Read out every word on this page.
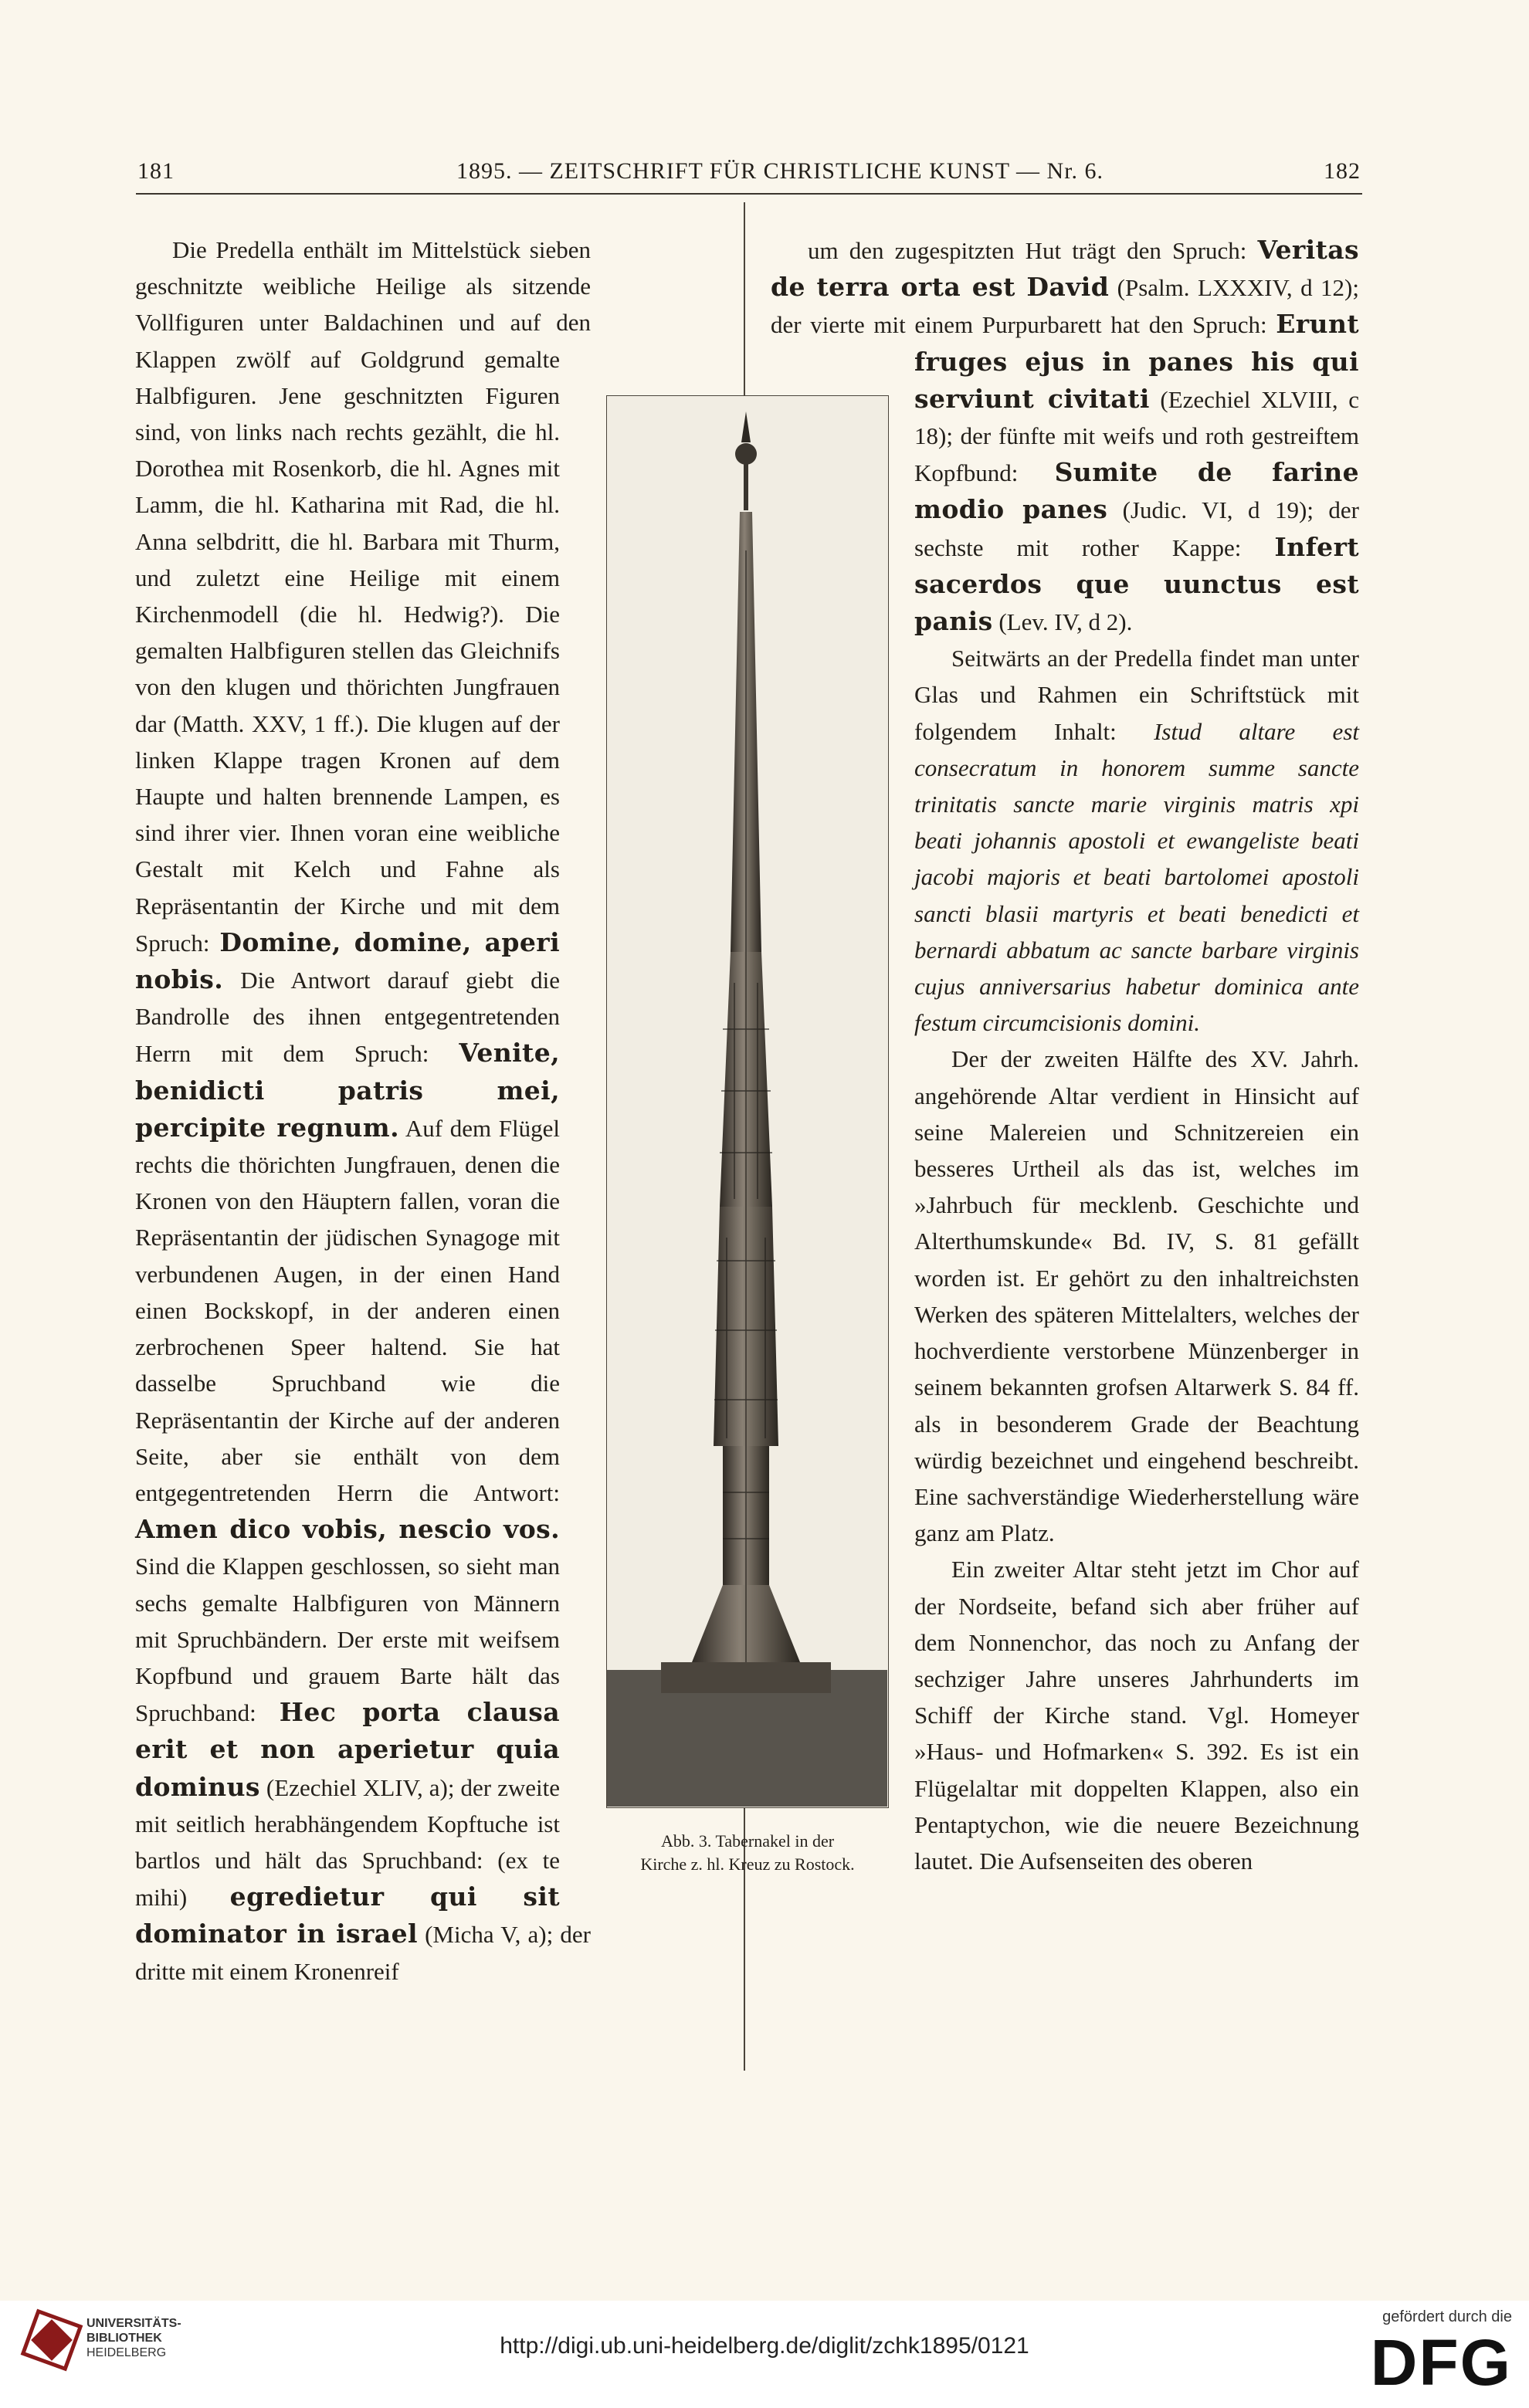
181	1895. — ZEITSCHRIFT FÜR CHRISTLICHE KUNST — Nr. 6.	182

Die Predella enthält im Mittelstück sieben geschnitzte weibliche Heilige als sitzende Vollfiguren unter Baldachinen und auf den Klappen zwölf auf Goldgrund gemalte Halbfiguren. Jene geschnitzten Figuren sind, von links nach rechts gezählt, die hl. Dorothea mit Rosenkorb, die hl. Agnes mit Lamm, die hl. Katharina mit Rad, die hl. Anna selbdritt, die hl. Barbara mit Thurm, und zuletzt eine Heilige mit einem Kirchenmodell (die hl. Hedwig?). Die gemalten Halbfiguren stellen das Gleichnifs von den klugen und thörichten Jungfrauen dar (Matth. XXV, 1 ff.). Die klugen auf der linken Klappe tragen Kronen auf dem Haupte und halten brennende Lampen, es sind ihrer vier. Ihnen voran eine weibliche Gestalt mit Kelch und Fahne als Repräsentantin der Kirche und mit dem Spruch: Domine, domine, aperi nobis. Die Antwort darauf giebt die Bandrolle des ihnen entgegentretenden Herrn mit dem Spruch: Venite, benidicti patris mei, percipite regnum. Auf dem Flügel rechts die thörichten Jungfrauen, denen die Kronen von den Häuptern fallen, voran die Repräsentantin der jüdischen Synagoge mit verbundenen Augen, in der einen Hand einen Bockskopf, in der anderen einen zerbrochenen Speer haltend. Sie hat dasselbe Spruchband wie die Repräsentantin der Kirche auf der anderen Seite, aber sie enthält von dem entgegentretenden Herrn die Antwort: Amen dico vobis, nescio vos. Sind die Klappen geschlossen, so sieht man sechs gemalte Halbfiguren von Männern mit Spruchbändern. Der erste mit weifsem Kopfbund und grauem Barte hält das Spruchband: Hec porta clausa erit et non aperietur quia dominus (Ezechiel XLIV, a); der zweite mit seitlich herabhängendem Kopftuche ist bartlos und hält das Spruchband: (ex te mihi) egredietur qui sit dominator in israel (Micha V, a); der dritte mit einem Kronenreif

Abb. 3. Tabernakel in der
Kirche z. hl. Kreuz zu Rostock.

um den zugespitzten Hut trägt den Spruch: Veritas de terra orta est David (Psalm. LXXXIV, d 12); der vierte mit einem Purpurbarett hat den Spruch: Erunt fruges ejus in panes his qui serviunt civitati (Ezechiel XLVIII, c 18); der fünfte mit weifs und roth gestreiftem Kopfbund: Sumite de farine modio panes (Judic. VI, d 19); der sechste mit rother Kappe: Infert sacerdos que uunctus est panis (Lev. IV, d 2).

Seitwärts an der Predella findet man unter Glas und Rahmen ein Schriftstück mit folgendem Inhalt: Istud altare est consecratum in honorem summe sancte trinitatis sancte marie virginis matris xpi beati johannis apostoli et ewangeliste beati jacobi majoris et beati bartolomei apostoli sancti blasii martyris et beati benedicti et bernardi abbatum ac sancte barbare virginis cujus anniversarius habetur dominica ante festum circumcisionis domini.

Der der zweiten Hälfte des XV. Jahrh. angehörende Altar verdient in Hinsicht auf seine Malereien und Schnitzereien ein besseres Urtheil als das ist, welches im »Jahrbuch für mecklenb. Geschichte und Alterthumskunde« Bd. IV, S. 81 gefällt worden ist. Er gehört zu den inhaltreichsten Werken des späteren Mittelalters, welches der hochverdiente verstorbene Münzenberger in seinem bekannten grofsen Altarwerk S. 84 ff. als in besonderem Grade der Beachtung würdig bezeichnet und eingehend beschreibt. Eine sachverständige Wiederherstellung wäre ganz am Platz.

Ein zweiter Altar steht jetzt im Chor auf der Nordseite, befand sich aber früher auf dem Nonnenchor, das noch zu Anfang der sechziger Jahre unseres Jahrhunderts im Schiff der Kirche stand. Vgl. Homeyer »Haus- und Hofmarken« S. 392. Es ist ein Flügelaltar mit doppelten Klappen, also ein Pentaptychon, wie die neuere Bezeichnung lautet. Die Aufsenseiten des oberen

UNIVERSITÄTS-
BIBLIOTHEK
HEIDELBERG	http://digi.ub.uni-heidelberg.de/diglit/zchk1895/0121
gefördert durch die
DFG
